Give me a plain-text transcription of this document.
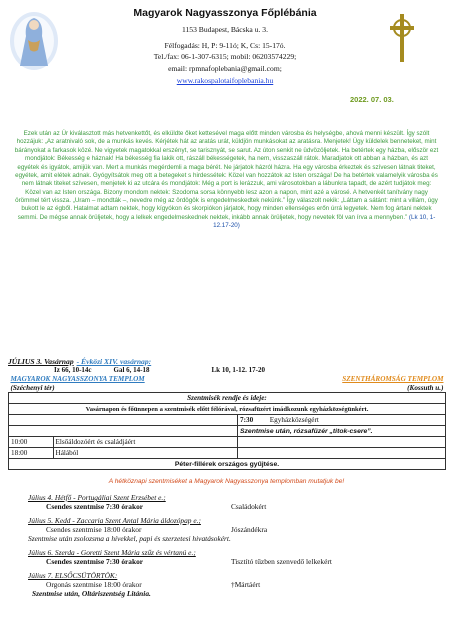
Magyarok Nagyasszonya Főplébánia
1153 Budapest, Bácska u. 3.
Félfogadás: H, P: 9-11ó; K, Cs: 15-17ó.
Tel./fax: 06-1-307-6315; mobil: 06203574229;
email: rpmnafoplebania@gmail.com;
www.rakospalotaifoplebania.hu
2022. 07. 03.
Ezek után az Úr kiválasztott más hetvenkettőt, és elküldte őket kettesével maga előtt minden városba és helységbe, ahová menni készült. Így szólt hozzájuk: „Az aratnivaló sok, de a munkás kevés. Kérjétek hát az aratás urát, küldjön munkásokat az aratásra. Menjetek! Úgy küldelek benneteket, mint bárányokat a farkasok közé. Ne vigyetek magatokkal erszényt, se tarisznyát, se sarut. Az úton senkit ne üdvözöljetek. Ha betértek egy házba, először ezt mondjátok: Békesség e háznak! Ha békesség fia lakik ott, rászáll békességetek, ha nem, visszaszáll rátok. Maradjatok ott abban a házban, és azt egyétek és igyátok, amijük van. Mert a munkás megérdemli a maga bérét. Ne járjatok házról házra. Ha egy városba érkeztek és szívesen látnak titeket, egyétek, amit elétek adnak. Gyógyítsátok meg ott a betegeket s hirdessétek: Közel van hozzátok az Isten országa! De ha betértek valamelyik városba és nem látnak titeket szívesen, menjetek ki az utcára és mondjátok: Még a port is lerázzuk, ami városotokban a lábunkra tapadt, de azért tudjátok meg: Közel van az Isten országa. Bizony mondom nektek: Szodoma sorsa könnyebb lesz azon a napon, mint azé a városé. A hetvenkét tanítvány nagy örömmel tért vissza. „Uram – mondták –, nevedre még az ördögök is engedelmeskedtek nekünk.” Így válaszolt nekik: „Láttam a sátánt: mint a villám, úgy bukott le az égből. Hatalmat adtam nektek, hogy kígyókon és skorpiókon járjatok, hogy minden ellenséges erőn úrrá legyetek. Nem fog ártani nektek semmi. De mégse annak örüljetek, hogy a lelkek engedelmeskednek nektek, inkább annak örüljetek, hogy nevetek föl van írva a mennyben.” (Lk 10, 1-12.17-20)
JÚLIUS 3. Vasárnap - Évközi XIV. vasárnap:
Iz 66, 10-14c	Gal 6, 14-18	Lk 10, 1-12. 17-20
MAGYAROK NAGYASSZONYA TEMPLOM SZENTHÁROMSÁG TEMPLOM		

(Széchenyi tér) (Kossuth u.)		

Szentmisék rendje és ideje:		
Vasárnapon és főünnepen a szentmisék előtt félórával, rózsafüzért imádkozunk egyházközségünkért.		
		7:30 Egyházközségért
		Szentmise után, rózsafüzér „titok-csere”.
10:00	Elsőáldozóért és családjáért	
18:00	Hálából	
Péter-fillérek országos gyűjtése.		
A hétköznapi szentmiséket a Magyarok Nagyasszonya templomban mutatjuk be!
Július 4. Hétfő - Portugáliai Szent Erzsébet e.;
Csendes szentmise 7:30 órakor	Családokért
Július 5. Kedd - Zaccaria Szent Antal Mária áldozópap e.;
Csendes szentmise 18:00 órakor	Jószándékra
Szentmise után zsolozsma a hívekkel, papi és szerzetesi hivatásokért.
Július 6. Szerda - Goretti Szent Mária szűz és vértanú e.;
Csendes szentmise 7:30 órakor	Tisztító tűzben szenvedő lelkekért
Július 7. ELSŐCSÜTÖRTÖK:
Orgonás szentmise 18:00 órakor	†Mártáért
Szentmise után, Oltáriszentség Litánia.
